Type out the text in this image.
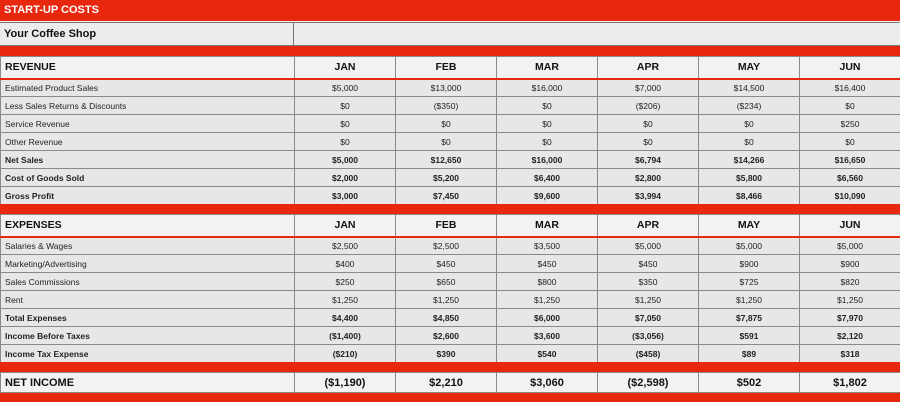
START-UP COSTS
Your Coffee Shop
REVENUE	JAN	FEB	MAR	APR	MAY	JUN
Estimated Product Sales	$5,000	$13,000	$16,000	$7,000	$14,500	$16,400
Less Sales Returns & Discounts	$0	($350)	$0	($206)	($234)	$0
Service Revenue	$0	$0	$0	$0	$0	$250
Other Revenue	$0	$0	$0	$0	$0	$0
Net Sales	$5,000	$12,650	$16,000	$6,794	$14,266	$16,650
Cost of Goods Sold	$2,000	$5,200	$6,400	$2,800	$5,800	$6,560
Gross Profit	$3,000	$7,450	$9,600	$3,994	$8,466	$10,090
EXPENSES	JAN	FEB	MAR	APR	MAY	JUN
Salaries & Wages	$2,500	$2,500	$3,500	$5,000	$5,000	$5,000
Marketing/Advertising	$400	$450	$450	$450	$900	$900
Sales Commissions	$250	$650	$800	$350	$725	$820
Rent	$1,250	$1,250	$1,250	$1,250	$1,250	$1,250
Total Expenses	$4,400	$4,850	$6,000	$7,050	$7,875	$7,970
Income Before Taxes	($1,400)	$2,600	$3,600	($3,056)	$591	$2,120
Income Tax Expense	($210)	$390	$540	($458)	$89	$318
NET INCOME	($1,190)	$2,210	$3,060	($2,598)	$502	$1,802
